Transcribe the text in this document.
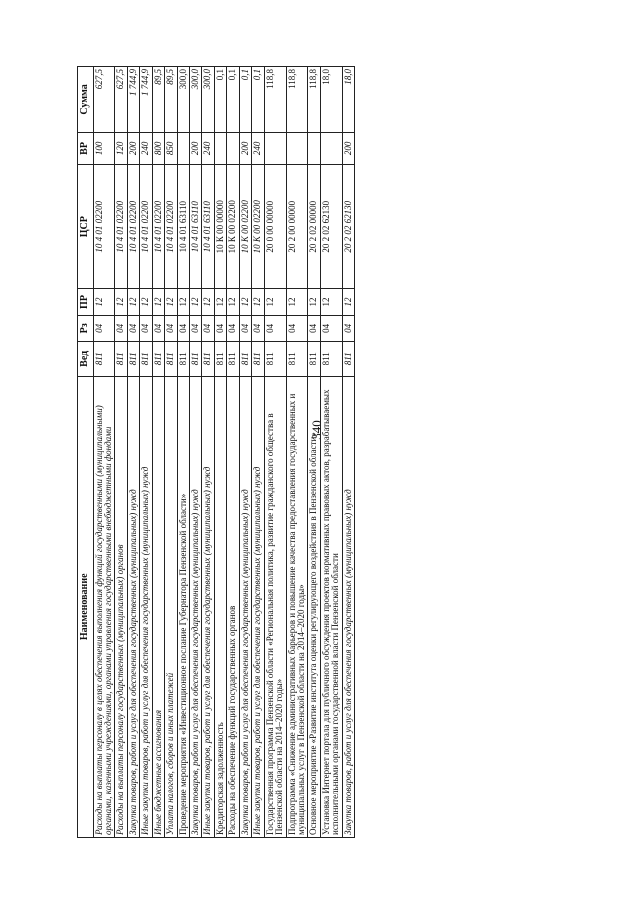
340
Наименование	Вед	Рз	ПР	ЦСР	ВР	Сумма
Расходы на выплаты персоналу в целях обеспечения выполнения функций государственными (муниципальными) органами, казенными учреждениями, органами управления государственными внебюджетными фондами	811	04	12	10 4 01 02200	100	627,5
Расходы на выплаты персоналу государственных (муниципальных) органов	811	04	12	10 4 01 02200	120	627,5
Закупка товаров, работ и услуг для обеспечения государственных (муниципальных) нужд	811	04	12	10 4 01 02200	200	1 744,9
Иные закупки товаров, работ и услуг для обеспечения государственных (муниципальных) нужд	811	04	12	10 4 01 02200	240	1 744,9
Иные бюджетные ассигнования	811	04	12	10 4 01 02200	800	89,5
Уплата налогов, сборов и иных платежей	811	04	12	10 4 01 02200	850	89,5
Проведение мероприятия «Инвестиционное послание Губернатора Пензенской области»	811	04	12	10 4 01 63110		300,0
Закупка товаров, работ и услуг для обеспечения государственных (муниципальных) нужд	811	04	12	10 4 01 63110	200	300,0
Иные закупки товаров, работ и услуг для обеспечения государственных (муниципальных) нужд	811	04	12	10 4 01 63110	240	300,0
Кредиторская задолженность	811	04	12	10 К 00 00000		0,1
Расходы на обеспечение функций государственных органов	811	04	12	10 К 00 02200		0,1
Закупка товаров, работ и услуг для обеспечения государственных (муниципальных) нужд	811	04	12	10 К 00 02200	200	0,1
Иные закупки товаров, работ и услуг для обеспечения государственных (муниципальных) нужд	811	04	12	10 К 00 02200	240	0,1
Государственная программа Пензенской области «Региональная политика, развитие гражданского общества в Пензенской области на 2014–2020 годы»	811	04	12	20 0 00 00000		118,8
Подпрограмма «Снижение административных барьеров и повышение качества предоставления государственных и муниципальных услуг в Пензенской области на 2014–2020 годы»	811	04	12	20 2 00 00000		118,8
Основное мероприятие «Развитие института оценки регулирующего воздействия в Пензенской области»	811	04	12	20 2 02 00000		118,8
Установка Интернет портала для публичного обсуждения проектов нормативных правовых актов, разрабатываемых исполнительными органами государственной власти Пензенской области	811	04	12	20 2 02 62130		18,0
Закупка товаров, работ и услуг для обеспечения государственных (муниципальных) нужд	811	04	12	20 2 02 62130	200	18,0
